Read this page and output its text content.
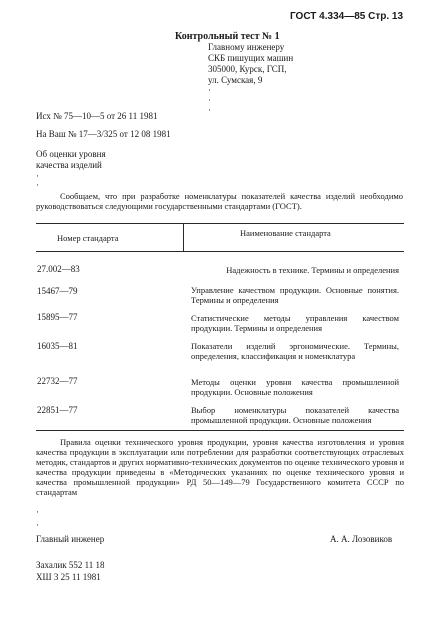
ГОСТ 4.334—85 Стр. 13
Контрольный тест № 1
Главному инженеру
СКБ пишущих машин
305000, Курск, ГСП,
ул. Сумская, 9
·
·
·
Исх № 75—10—5 от 26 11 1981
На Ваш № 17—3/325 от 12 08 1981
Об оценки уровня
качества изделий
·
·
Сообщаем, что при разработке номенклатуры показателей качества изделий необходимо руководствоваться следующими государственными стандартами (ГОСТ).
Номер стандарта	Наименование стандарта
27.002—83	Надежность в технике. Термины и определения
15467—79	Управление качеством продукции. Основные понятия. Термины и определения
15895—77	Статистические методы управления качеством продукции. Термины и определения
16035—81	Показатели изделий эргономические. Термины, определения, классификация и номенклатура
22732—77	Методы оценки уровня качества промышленной продукции. Основные положения
22851—77	Выбор номенклатуры показателей качества промышленной продукции. Основные положения
Правила оценки технического уровня продукции, уровня качества изготовления и уровня качества продукции в эксплуатации или потреблении для разработки соответствующих отраслевых методик, стандартов и других нормативно-технических документов по оценке технического уровня и качества продукции приведены в «Методических указаниях по оценке технического уровня и качества промышленной продукции» РД 50—149—79 Государственного комитета СССР по стандартам
·
·
Главный инженер	А. А. Лозовиков
Захалик 552 11 18
ХШ 3 25 11 1981
